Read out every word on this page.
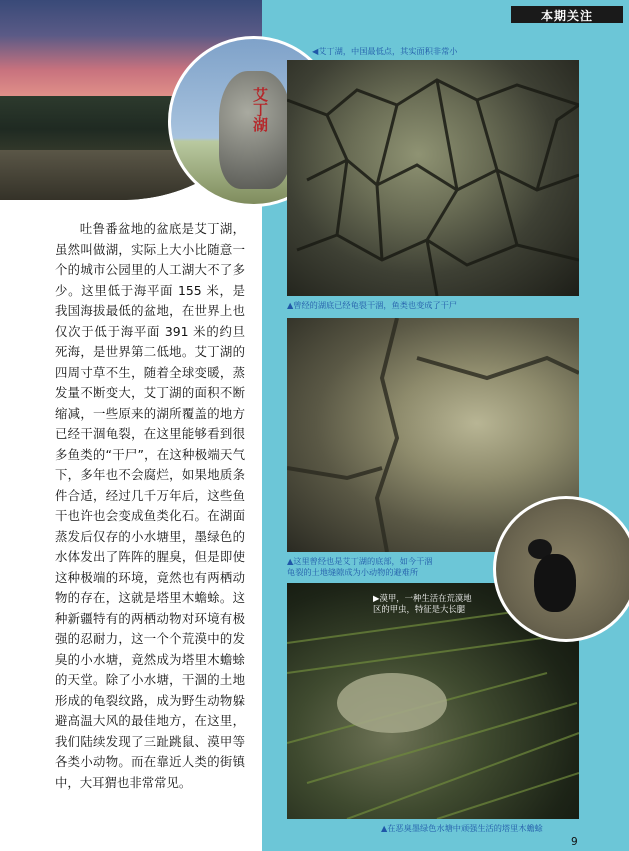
本期关注
艾丁湖

吐鲁番盆地的盆底是艾丁湖，虽然叫做湖，实际上大小比随意一个的城市公园里的人工湖大不了多少。这里低于海平面 155 米，是我国海拔最低的盆地，在世界上也仅次于低于海平面 391 米的约旦死海，是世界第二低地。艾丁湖的四周寸草不生，随着全球变暖，蒸发量不断变大，艾丁湖的面积不断缩减，一些原来的湖所覆盖的地方已经干涸龟裂，在这里能够看到很多鱼类的“干尸”，在这种极端天气下，多年也不会腐烂，如果地质条件合适，经过几千万年后，这些鱼干也许也会变成鱼类化石。在湖面蒸发后仅存的小水塘里，墨绿色的水体发出了阵阵的腥臭，但是即使这种极端的环境，竟然也有两栖动物的存在，这就是塔里木蟾蜍。这种新疆特有的两栖动物对环境有极强的忍耐力，这一个个荒漠中的发臭的小水塘，竟然成为塔里木蟾蜍的天堂。除了小水塘，干涸的土地形成的龟裂纹路，成为野生动物躲避高温大风的最佳地方，在这里，我们陆续发现了三趾跳鼠、漠甲等各类小动物。而在靠近人类的街镇中，大耳猬也非常常见。

◀艾丁湖，中国最低点，其实面积非常小
▲曾经的湖底已经龟裂干涸，鱼类也变成了干尸
▲这里曾经也是艾丁湖的底部，如今干涸
龟裂的土地缝隙成为小动物的避难所
▶漠甲，一种生活在荒漠地
区的甲虫，特征是大长腿
▲在恶臭墨绿色水塘中顽强生活的塔里木蟾蜍
9
